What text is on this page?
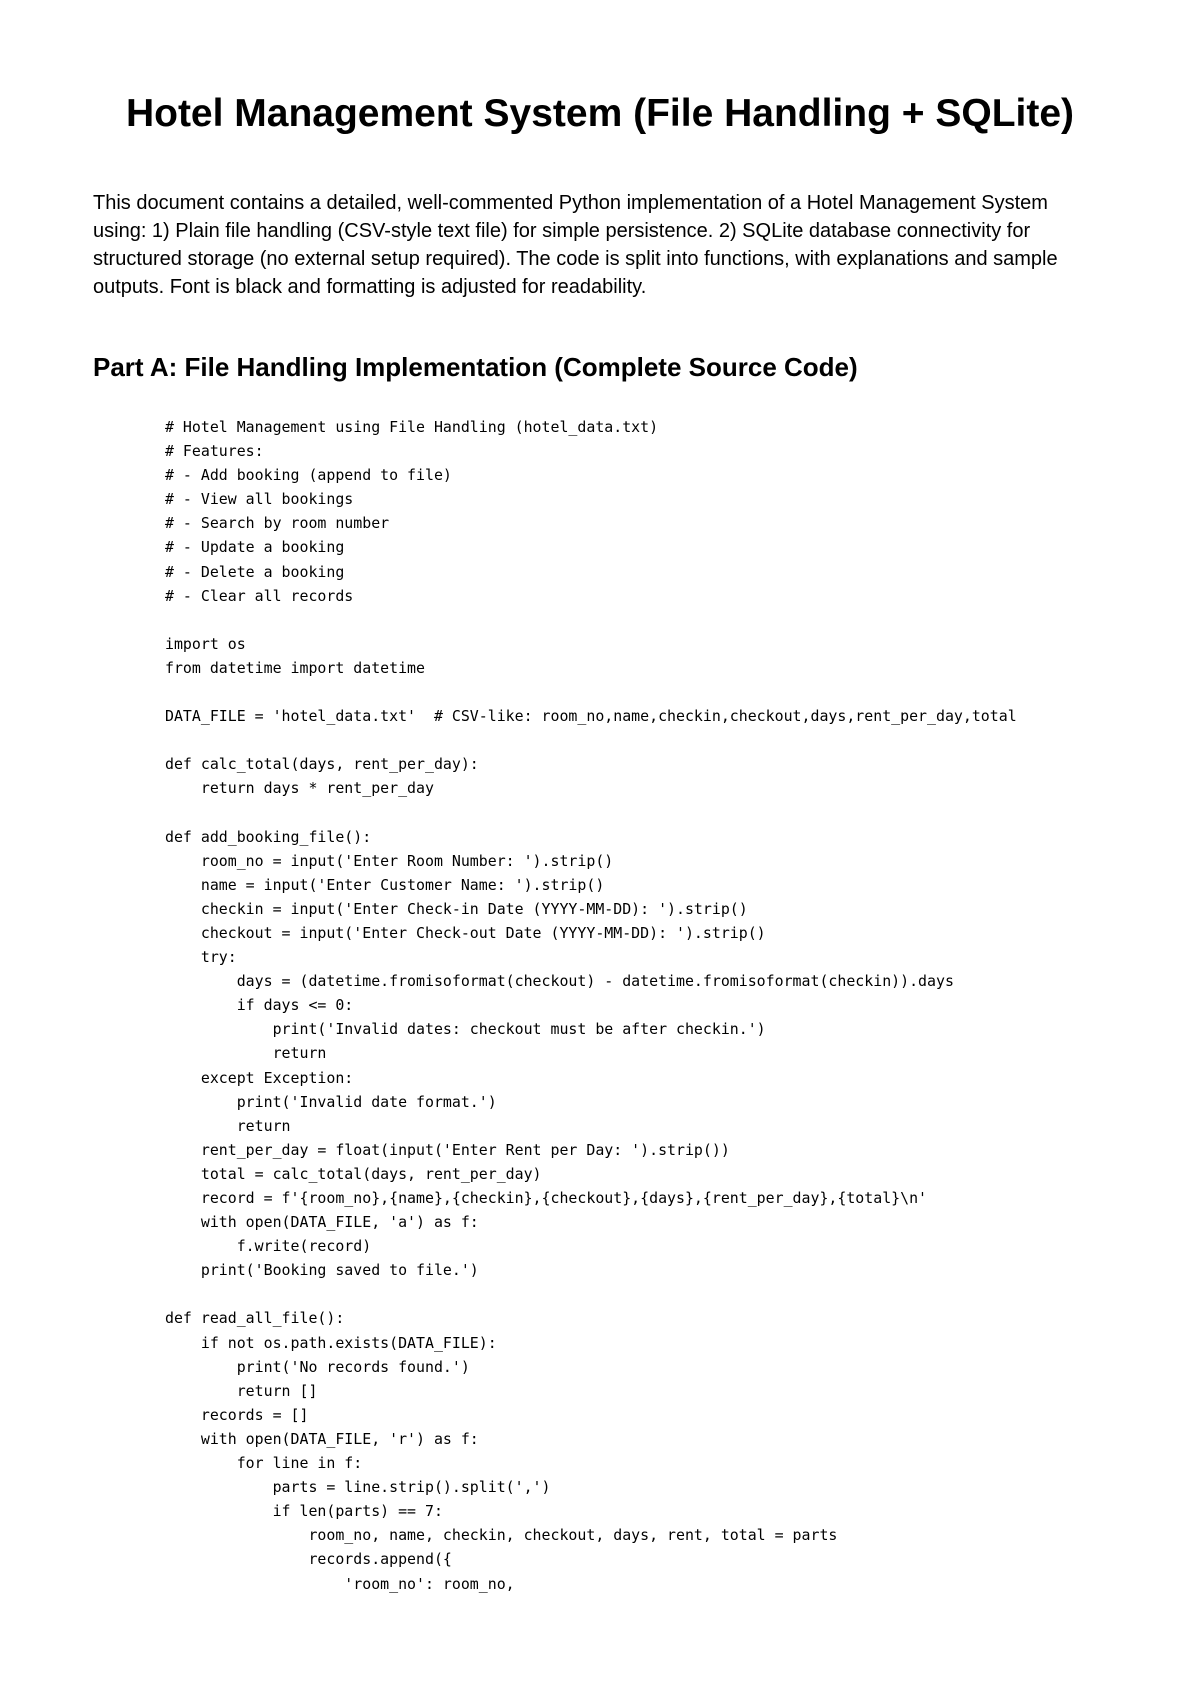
Hotel Management System (File Handling + SQLite)

This document contains a detailed, well-commented Python implementation of a Hotel Management System using: 1) Plain file handling (CSV-style text file) for simple persistence. 2) SQLite database connectivity for structured storage (no external setup required). The code is split into functions, with explanations and sample outputs. Font is black and formatting is adjusted for readability.

Part A: File Handling Implementation (Complete Source Code)
# Hotel Management using File Handling (hotel_data.txt)
# Features:
# - Add booking (append to file)
# - View all bookings
# - Search by room number
# - Update a booking
# - Delete a booking
# - Clear all records
import os
from datetime import datetime
DATA_FILE = 'hotel_data.txt'  # CSV-like: room_no,name,checkin,checkout,days,rent_per_day,total
def calc_total(days, rent_per_day):
return days * rent_per_day
def add_booking_file():
room_no = input('Enter Room Number: ').strip()
name = input('Enter Customer Name: ').strip()
checkin = input('Enter Check-in Date (YYYY-MM-DD): ').strip()
checkout = input('Enter Check-out Date (YYYY-MM-DD): ').strip()
try:
days = (datetime.fromisoformat(checkout) - datetime.fromisoformat(checkin)).days
if days <= 0:
print('Invalid dates: checkout must be after checkin.')
return
except Exception:
print('Invalid date format.')
return
rent_per_day = float(input('Enter Rent per Day: ').strip())
total = calc_total(days, rent_per_day)
record = f'{room_no},{name},{checkin},{checkout},{days},{rent_per_day},{total}\n'
with open(DATA_FILE, 'a') as f:
f.write(record)
print('Booking saved to file.')
def read_all_file():
if not os.path.exists(DATA_FILE):
print('No records found.')
return []
records = []
with open(DATA_FILE, 'r') as f:
for line in f:
parts = line.strip().split(',')
if len(parts) == 7:
room_no, name, checkin, checkout, days, rent, total = parts
records.append({
'room_no': room_no,
